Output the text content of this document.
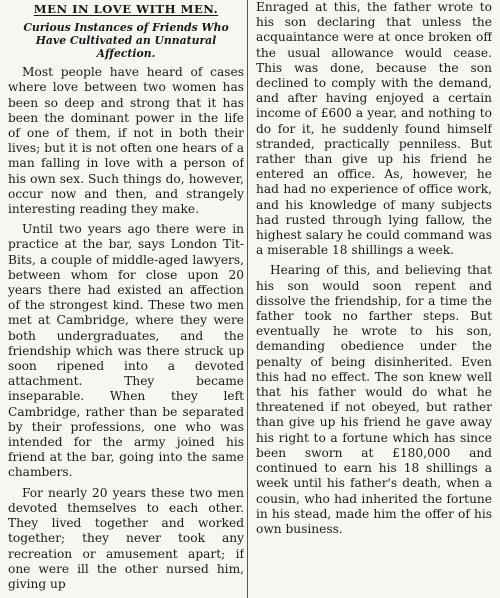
MEN IN LOVE WITH MEN.
Curious Instances of Friends Who Have Cultivated an Unnatural Affection.

Most people have heard of cases where love between two women has been so deep and strong that it has been the dominant power in the life of one of them, if not in both their lives; but it is not often one hears of a man falling in love with a person of his own sex. Such things do, however, occur now and then, and strangely interesting reading they make.

Until two years ago there were in practice at the bar, says London Tit-Bits, a couple of middle-aged lawyers, between whom for close upon 20 years there had existed an affection of the strongest kind. These two men met at Cambridge, where they were both undergraduates, and the friendship which was there struck up soon ripened into a devoted attachment. They became inseparable. When they left Cambridge, rather than be separated by their professions, one who was intended for the army joined his friend at the bar, going into the same chambers.

For nearly 20 years these two men devoted themselves to each other. They lived together and worked together; they never took any recreation or amusement apart; if one were ill the other nursed him, giving up

Enraged at this, the father wrote to his son declaring that unless the acquaintance were at once broken off the usual allowance would cease. This was done, because the son declined to comply with the demand, and after having enjoyed a certain income of £600 a year, and nothing to do for it, he suddenly found himself stranded, practically penniless. But rather than give up his friend he entered an office. As, however, he had had no experience of office work, and his knowledge of many subjects had rusted through lying fallow, the highest salary he could command was a miserable 18 shillings a week.

Hearing of this, and believing that his son would soon repent and dissolve the friendship, for a time the father took no farther steps. But eventually he wrote to his son, demanding obedience under the penalty of being disinherited. Even this had no effect. The son knew well that his father would do what he threatened if not obeyed, but rather than give up his friend he gave away his right to a fortune which has since been sworn at £180,000 and continued to earn his 18 shillings a week until his father's death, when a cousin, who had inherited the fortune in his stead, made him the offer of his own business.
